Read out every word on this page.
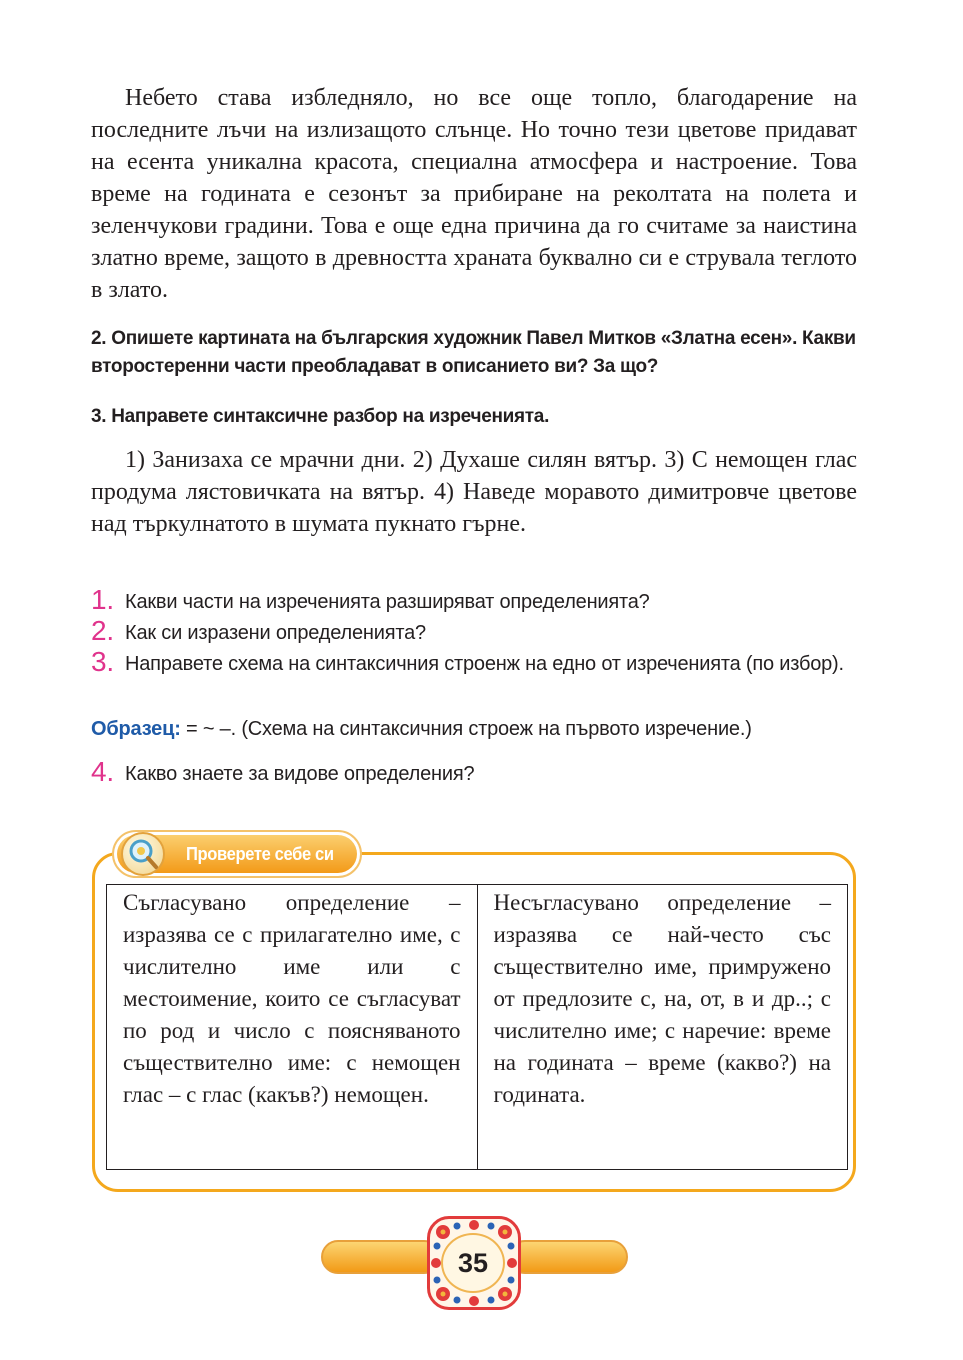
Небето става избледняло, но все още топло, благодарение на последните лъчи на излизащото слънце. Но точно тези цветове придават на есента уникална красота, специална атмосфера и настроение. Това време на годината е сезонът за прибиране на реколтата на полета и зеленчукови градини. Това е още една причина да го считаме за наистина златно време, защото в древността храната буквално си е струвала теглото в злато.

2. Опишете картината на българския художник Павел Митков «Златна есен». Какви второстеренни части преобладават в описанието ви? За що?

3. Направете синтаксичне разбор на изреченията.

1) Занизаха се мрачни дни. 2) Духаше силян вятър. 3) С немощен глас продума лястовичката на вятър. 4) Наведе моравото димитровче цветове над търкулнатото в шумата пукнато гърне.

1. Какви части на изреченията разширяват определенията?
2. Как си изразени определенията?
3. Направете схема на синтаксичния строенж на едно от изреченията (по избор).

Образец: = ~ –. (Схема на синтаксичния строеж на първото изречение.)

4. Какво знаете за видове определения?
Проверете себе си
Съгласувано определение – изразява се с прилагателно име, с числително име или с местоимение, които се съгласуват по род и число с поясняваното съществително име: с немощен глас – с глас (какъв?) немощен.	Несъгласувано определение – изразява се най-често със съществително име, примружено от предлозите с, на, от, в и др..; с числително име; с наречие: време на годината – време (какво?) на годината.
35
